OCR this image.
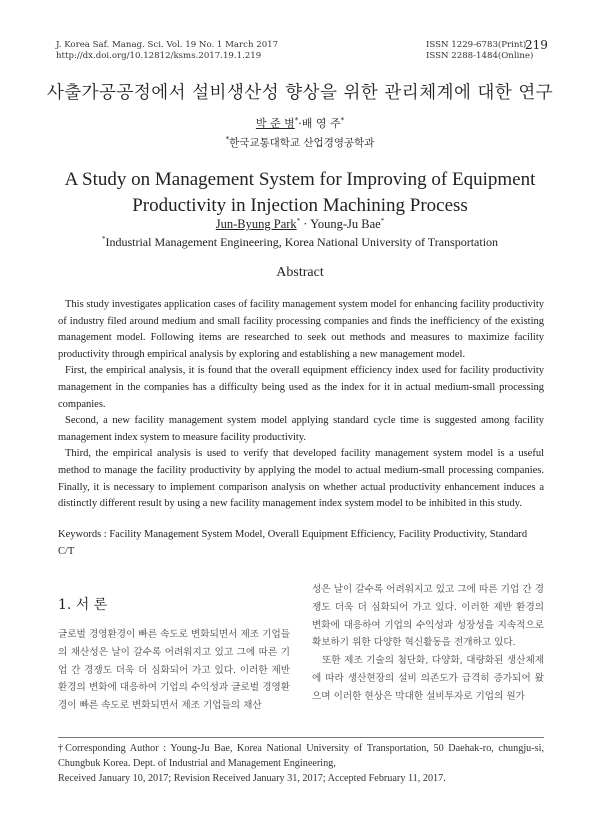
J. Korea Saf. Manag. Sci. Vol. 19 No. 1 March 2017
http://dx.doi.org/10.12812/ksms.2017.19.1.219
ISSN 1229-6783(Print)
ISSN 2288-1484(Online)
219
사출가공공정에서 설비생산성 향상을 위한 관리체계에 대한 연구
박 준 병*·배 영 주*
*한국교통대학교 산업경영공학과
A Study on Management System for Improving of Equipment
Productivity in Injection Machining Process
Jun-Byung Park* · Young-Ju Bae*
*Industrial Management Engineering, Korea National University of Transportation
Abstract

This study investigates application cases of facility management system model for enhancing facility productivity of industry filed around medium and small facility processing companies and finds the inefficiency of the existing management model. Following items are researched to seek out methods and measures to maximize facility productivity through empirical analysis by exploring and establishing a new management model.

First, the empirical analysis, it is found that the overall equipment efficiency index used for facility productivity management in the companies has a difficulty being used as the index for it in actual medium-small processing companies.

Second, a new facility management system model applying standard cycle time is suggested among facility management index system to measure facility productivity.

Third, the empirical analysis is used to verify that developed facility management system model is a useful method to manage the facility productivity by applying the model to actual medium-small processing companies. Finally, it is necessary to implement comparison analysis on whether actual productivity enhancement induces a distinctly different result by using a new facility management index system model to be inhibited in this study.

Keywords : Facility Management System Model, Overall Equipment Efficiency, Facility Productivity, Standard C/T
1. 서 론

글로벌 경영환경이 빠른 속도로 변화되면서 제조 기업들의 채산성은 날이 갈수록 어려워지고 있고 그에 따른 기업 간 경쟁도 더욱 더 심화되어 가고 있다. 이러한 제반 환경의 변화에 대응하여 기업의 수익성과 글로벌 경영환경이 빠른 속도로 변화되면서 제조 기업들의 채산

성은 날이 갈수록 어려워지고 있고 그에 따른 기업 간 경쟁도 더욱 더 심화되어 가고 있다. 이러한 제반 환경의 변화에 대응하여 기업의 수익성과 성장성을 지속적으로 확보하기 위한 다양한 혁신활동을 전개하고 있다.

또한 제조 기술의 첨단화, 다양화, 대량화된 생산체제에 따라 생산현장의 설비 의존도가 급격히 증가되어 왔으며 이러한 현상은 막대한 설비투자로 기업의 원가

†Corresponding Author : Young-Ju Bae, Korea National University of Transportation, 50 Daehak-ro, chungju-si, Chungbuk Korea. Dept. of Industrial and Management Engineering,
Received January 10, 2017; Revision Received January 31, 2017; Accepted February 11, 2017.
